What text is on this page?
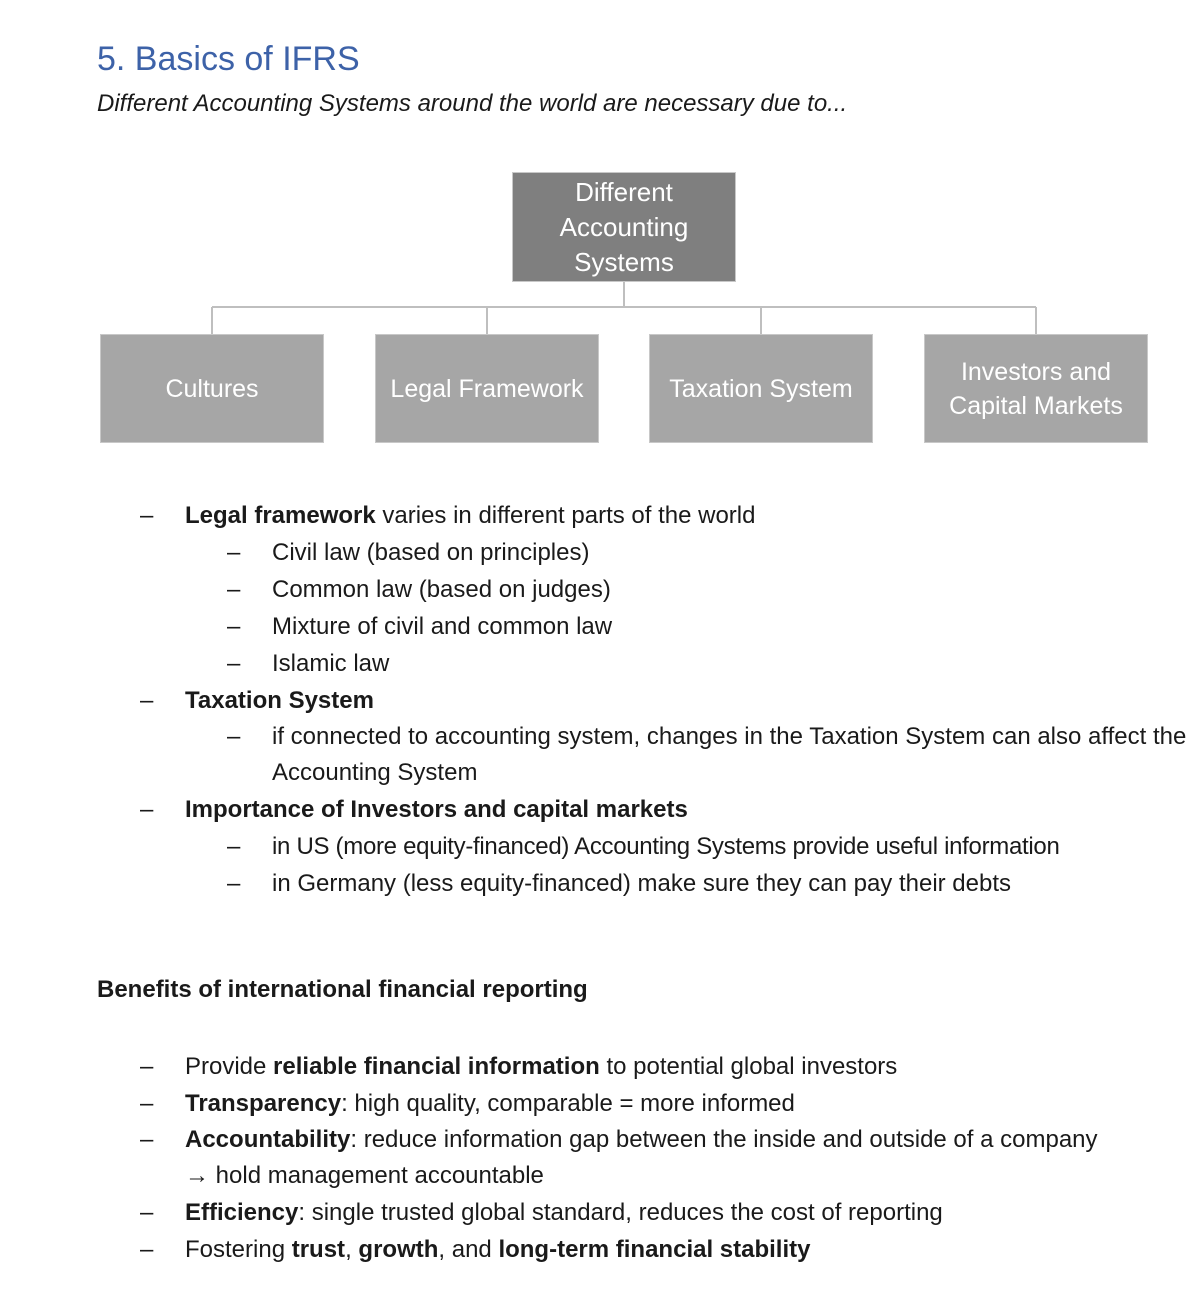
5. Basics of IFRS

Different Accounting Systems around the world are necessary due to...

Different Accounting Systems
Cultures	Legal Framework	Taxation System
Investors and Capital Markets
– Legal framework varies in different parts of the world
– Civil law (based on principles)
– Common law (based on judges)
– Mixture of civil and common law
– Islamic law
– Taxation System
– if connected to accounting system, changes in the Taxation System can also affect the Accounting System
– Importance of Investors and capital markets
– in US (more equity-financed) Accounting Systems provide useful information
– in Germany (less equity-financed) make sure they can pay their debts

Benefits of international financial reporting

– Provide reliable financial information to potential global investors
– Transparency: high quality, comparable = more informed
– Accountability: reduce information gap between the inside and outside of a company → hold management accountable
– Efficiency: single trusted global standard, reduces the cost of reporting
– Fostering trust, growth, and long-term financial stability
